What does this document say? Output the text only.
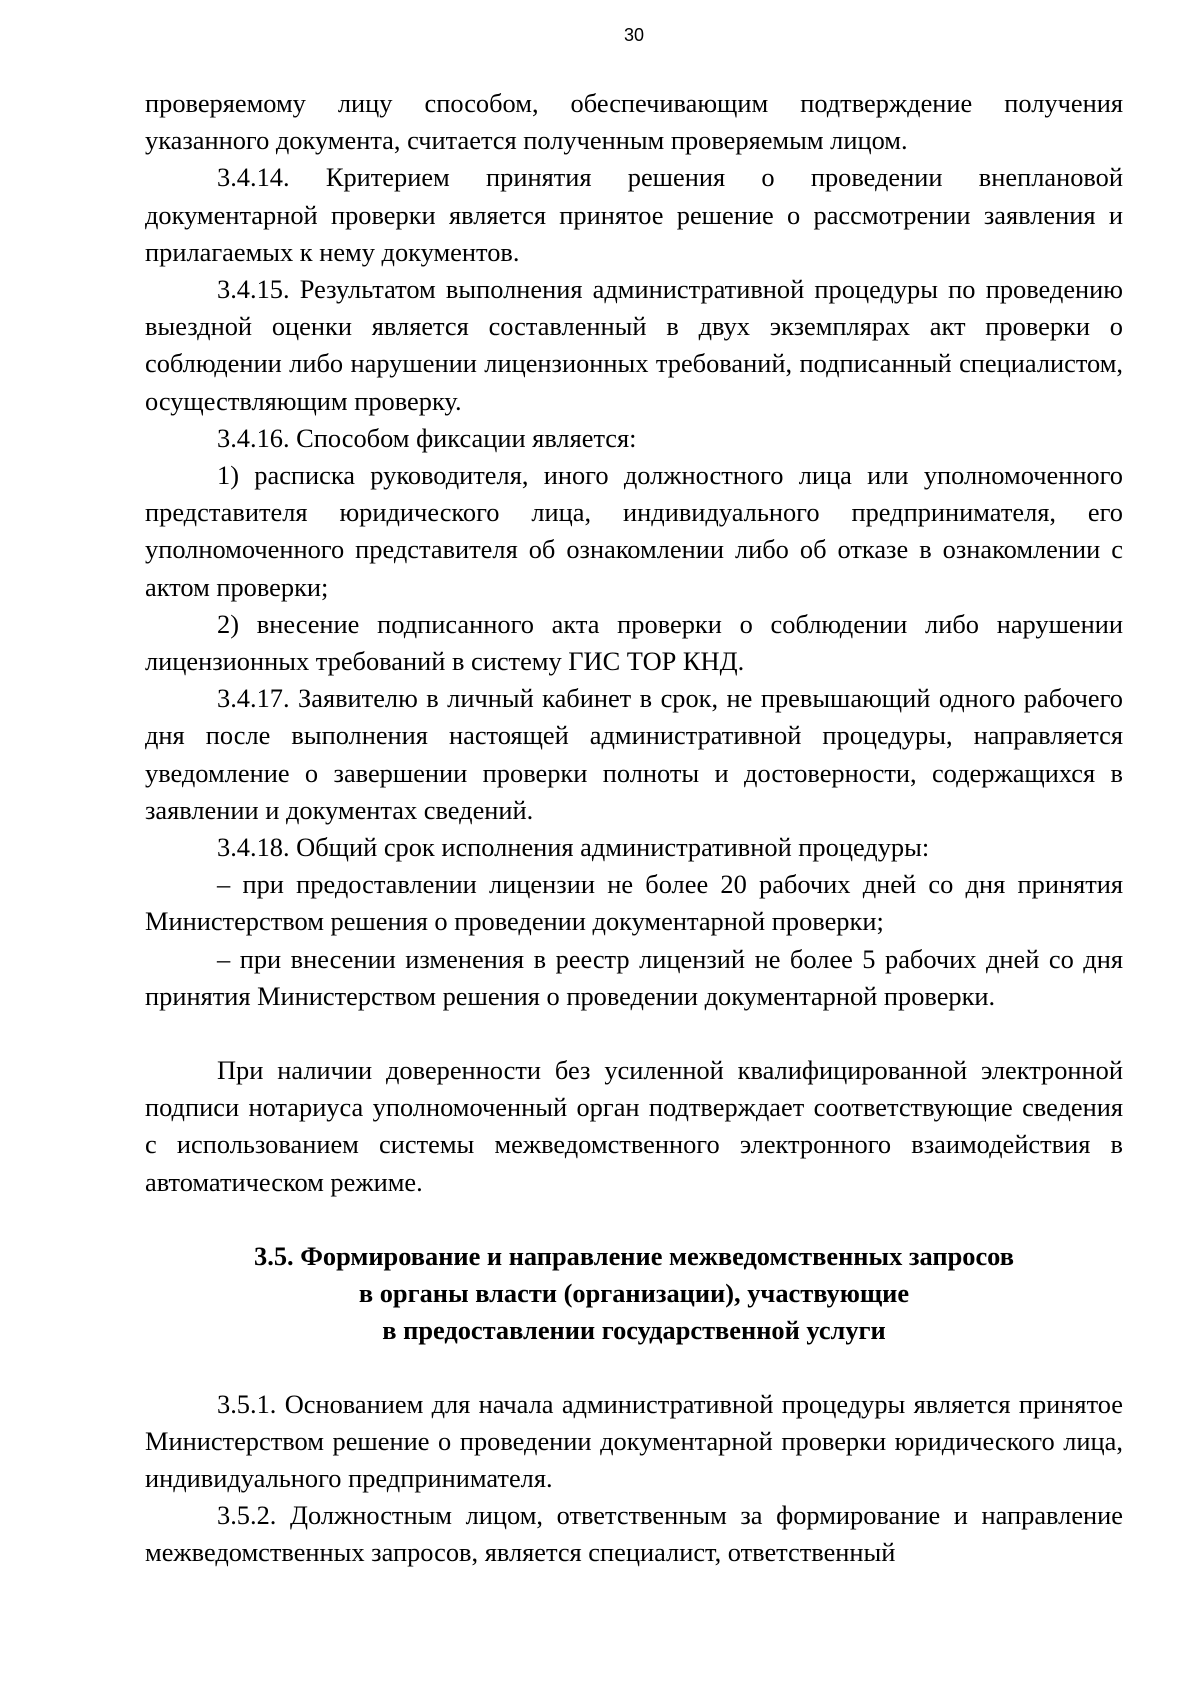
30

проверяемому лицу способом, обеспечивающим подтверждение получения указанного документа, считается полученным проверяемым лицом.

3.4.14. Критерием принятия решения о проведении внеплановой документарной проверки является принятое решение о рассмотрении заявления и прилагаемых к нему документов.

3.4.15. Результатом выполнения административной процедуры по проведению выездной оценки является составленный в двух экземплярах акт проверки о соблюдении либо нарушении лицензионных требований, подписанный специалистом, осуществляющим проверку.

3.4.16. Способом фиксации является:

1) расписка руководителя, иного должностного лица или уполномоченного представителя юридического лица, индивидуального предпринимателя, его уполномоченного представителя об ознакомлении либо об отказе в ознакомлении с актом проверки;

2) внесение подписанного акта проверки о соблюдении либо нарушении лицензионных требований в систему ГИС ТОР КНД.

3.4.17. Заявителю в личный кабинет в срок, не превышающий одного рабочего дня после выполнения настоящей административной процедуры, направляется уведомление о завершении проверки полноты и достоверности, содержащихся в заявлении и документах сведений.

3.4.18. Общий срок исполнения административной процедуры:

– при предоставлении лицензии не более 20 рабочих дней со дня принятия Министерством решения о проведении документарной проверки;

– при внесении изменения в реестр лицензий не более 5 рабочих дней со дня принятия Министерством решения о проведении документарной проверки.

При наличии доверенности без усиленной квалифицированной электронной подписи нотариуса уполномоченный орган подтверждает соответствующие сведения с использованием системы межведомственного электронного взаимодействия в автоматическом режиме.

3.5. Формирование и направление межведомственных запросов
в органы власти (организации), участвующие
в предоставлении государственной услуги

3.5.1. Основанием для начала административной процедуры является принятое Министерством решение о проведении документарной проверки юридического лица, индивидуального предпринимателя.

3.5.2. Должностным лицом, ответственным за формирование и направление межведомственных запросов, является специалист, ответственный
